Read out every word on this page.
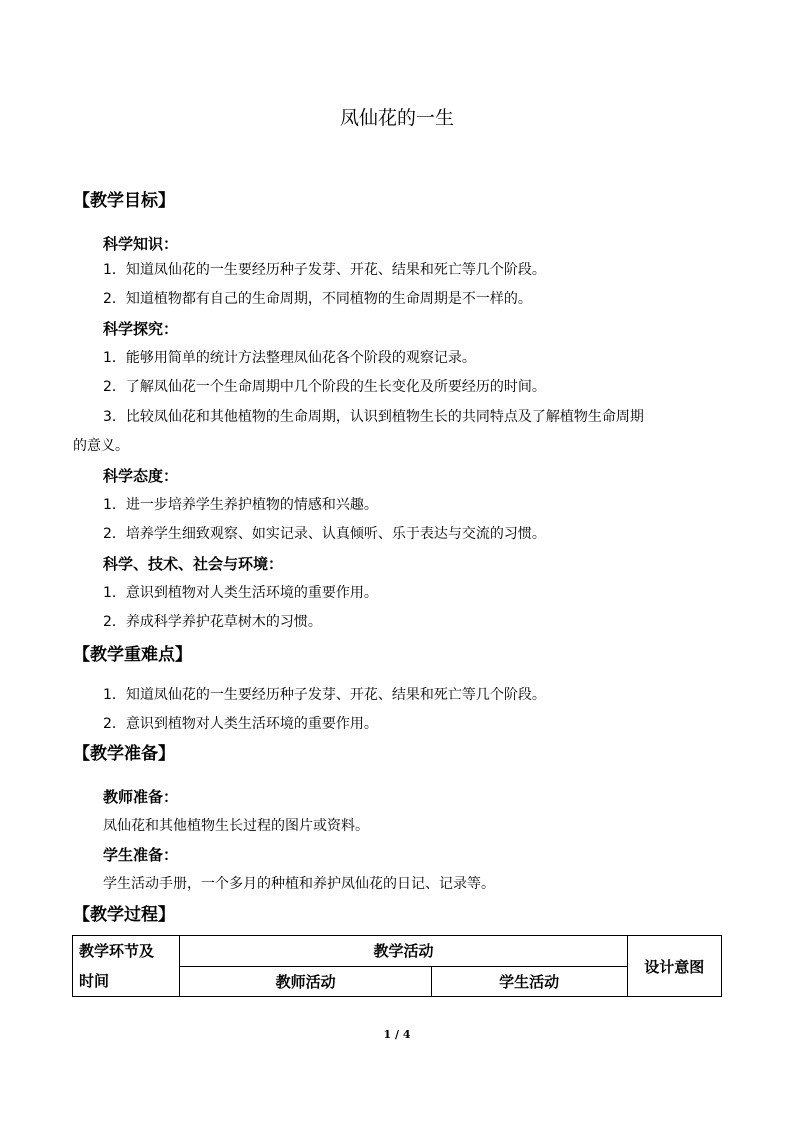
凤仙花的一生
【教学目标】
科学知识：
1．知道凤仙花的一生要经历种子发芽、开花、结果和死亡等几个阶段。
2．知道植物都有自己的生命周期，不同植物的生命周期是不一样的。
科学探究：
1．能够用简单的统计方法整理凤仙花各个阶段的观察记录。
2．了解凤仙花一个生命周期中几个阶段的生长变化及所要经历的时间。
3．比较凤仙花和其他植物的生命周期，认识到植物生长的共同特点及了解植物生命周期
的意义。
科学态度：
1．进一步培养学生养护植物的情感和兴趣。
2．培养学生细致观察、如实记录、认真倾听、乐于表达与交流的习惯。
科学、技术、社会与环境：
1．意识到植物对人类生活环境的重要作用。
2．养成科学养护花草树木的习惯。
【教学重难点】
1．知道凤仙花的一生要经历种子发芽、开花、结果和死亡等几个阶段。
2．意识到植物对人类生活环境的重要作用。
【教学准备】
教师准备：
凤仙花和其他植物生长过程的图片或资料。
学生准备：
学生活动手册，一个多月的种植和养护凤仙花的日记、记录等。
【教学过程】
教学环节及
时间	教学活动		设计意图
	教师活动	学生活动	
1 / 4
